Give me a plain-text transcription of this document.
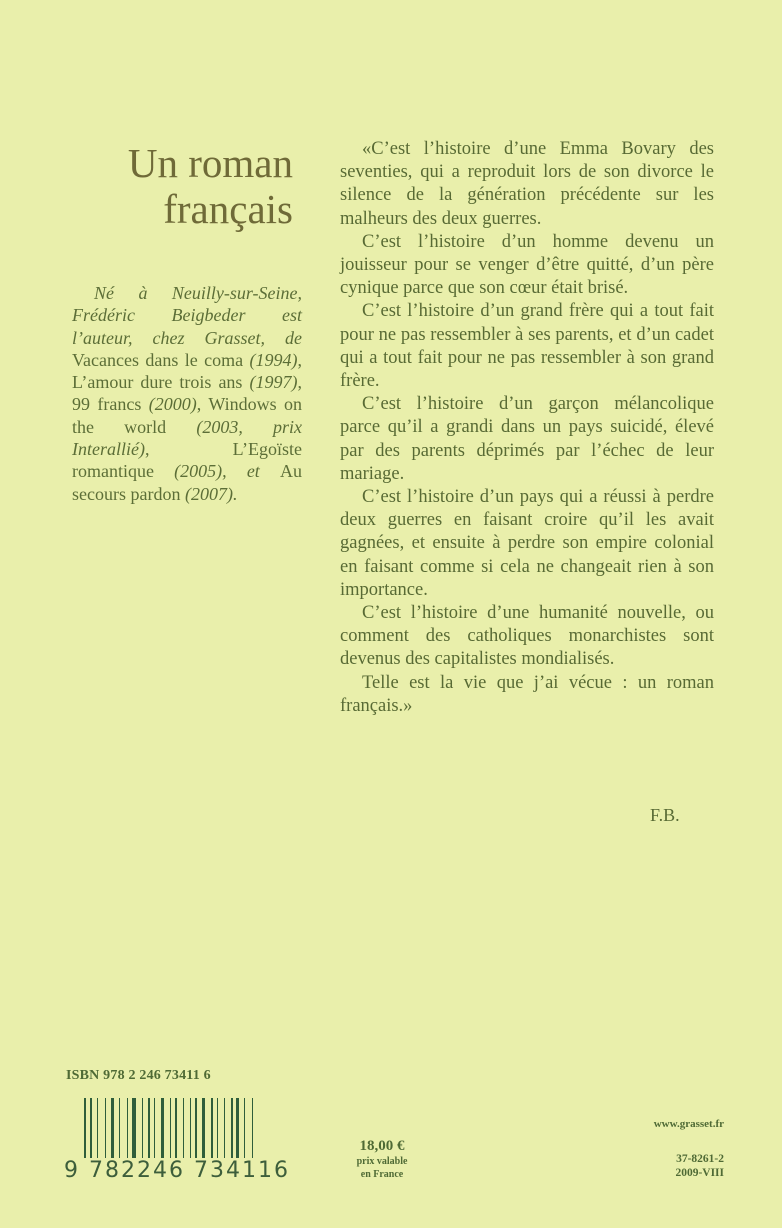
Un roman
français

Né à Neuilly-sur-Seine, Frédéric Beigbeder est l’auteur, chez Grasset, de Vacances dans le coma (1994), L’amour dure trois ans (1997), 99 francs (2000), Windows on the world (2003, prix Interallié), L’Egoïste romantique (2005), et Au secours pardon (2007).

«C’est l’histoire d’une Emma Bovary des seventies, qui a reproduit lors de son divorce le silence de la génération précédente sur les malheurs des deux guerres.

C’est l’histoire d’un homme devenu un jouisseur pour se venger d’être quitté, d’un père cynique parce que son cœur était brisé.

C’est l’histoire d’un grand frère qui a tout fait pour ne pas ressembler à ses parents, et d’un cadet qui a tout fait pour ne pas ressembler à son grand frère.

C’est l’histoire d’un garçon mélancolique parce qu’il a grandi dans un pays suicidé, élevé par des parents déprimés par l’échec de leur mariage.

C’est l’histoire d’un pays qui a réussi à perdre deux guerres en faisant croire qu’il les avait gagnées, et ensuite à perdre son empire colonial en faisant comme si cela ne changeait rien à son importance.

C’est l’histoire d’une humanité nouvelle, ou comment des catholiques monarchistes sont devenus des capitalistes mondialisés.

Telle est la vie que j’ai vécue : un roman français.»

F.B.
ISBN 978 2 246 73411 6
9 782246 734116
18,00 €
prix valable
en France
www.grasset.fr
37-8261-2
2009-VIII
